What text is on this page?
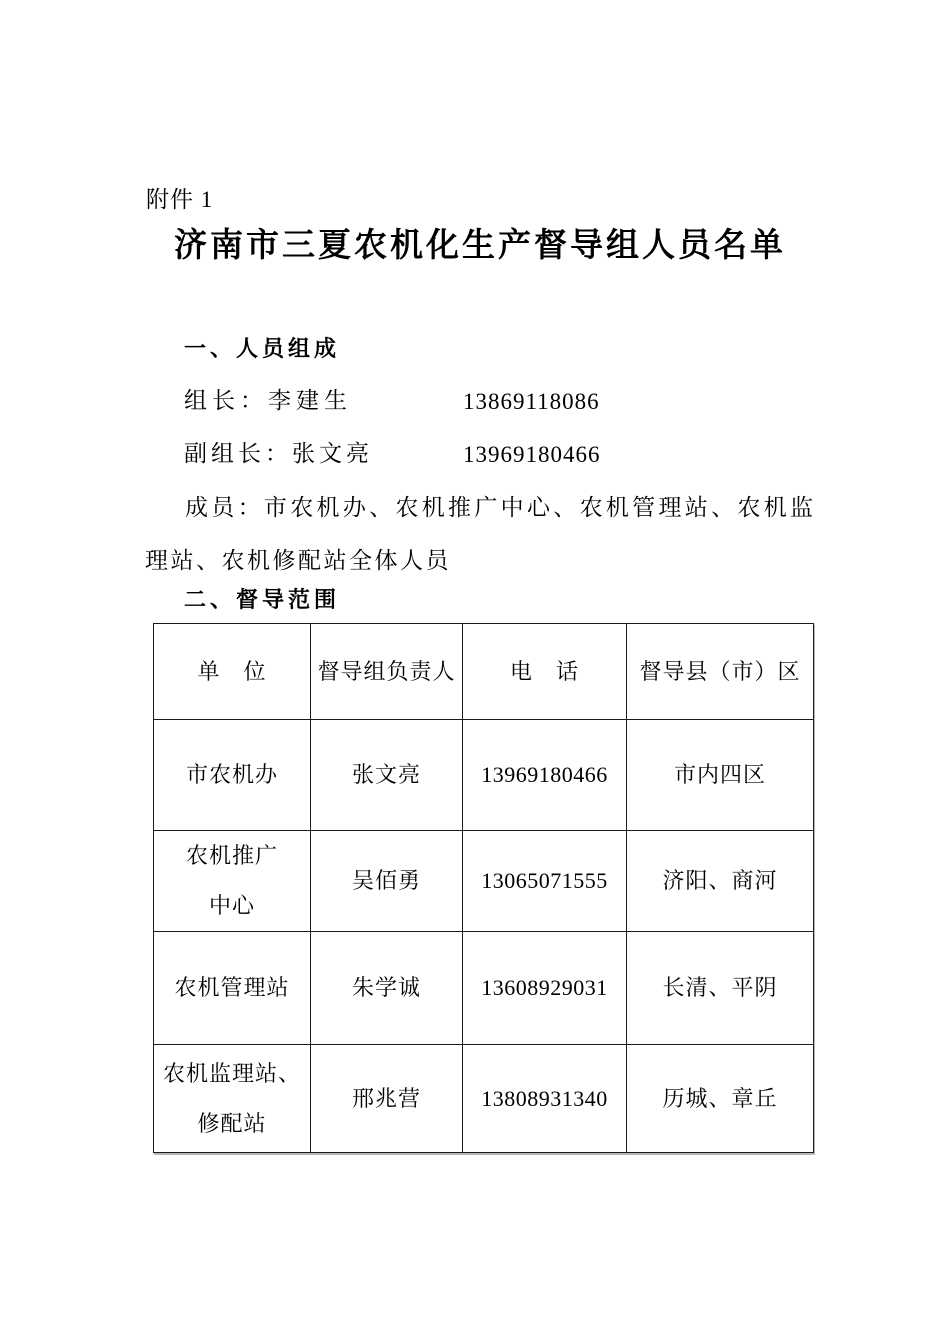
附件 1
济南市三夏农机化生产督导组人员名单
一、人员组成
组长：李建生	13869118086
副组长：张文亮	13969180466
成员：市农机办、农机推广中心、农机管理站、农机监
理站、农机修配站全体人员
二、督导范围
单　位	督导组负责人	电　话	督导县（市）区

市农机办	张文亮	13969180466	市内四区

农机推广
中心	吴佰勇	13065071555	济阳、商河

农机管理站	朱学诚	13608929031	长清、平阴

农机监理站、
修配站	邢兆营	13808931340	历城、章丘
